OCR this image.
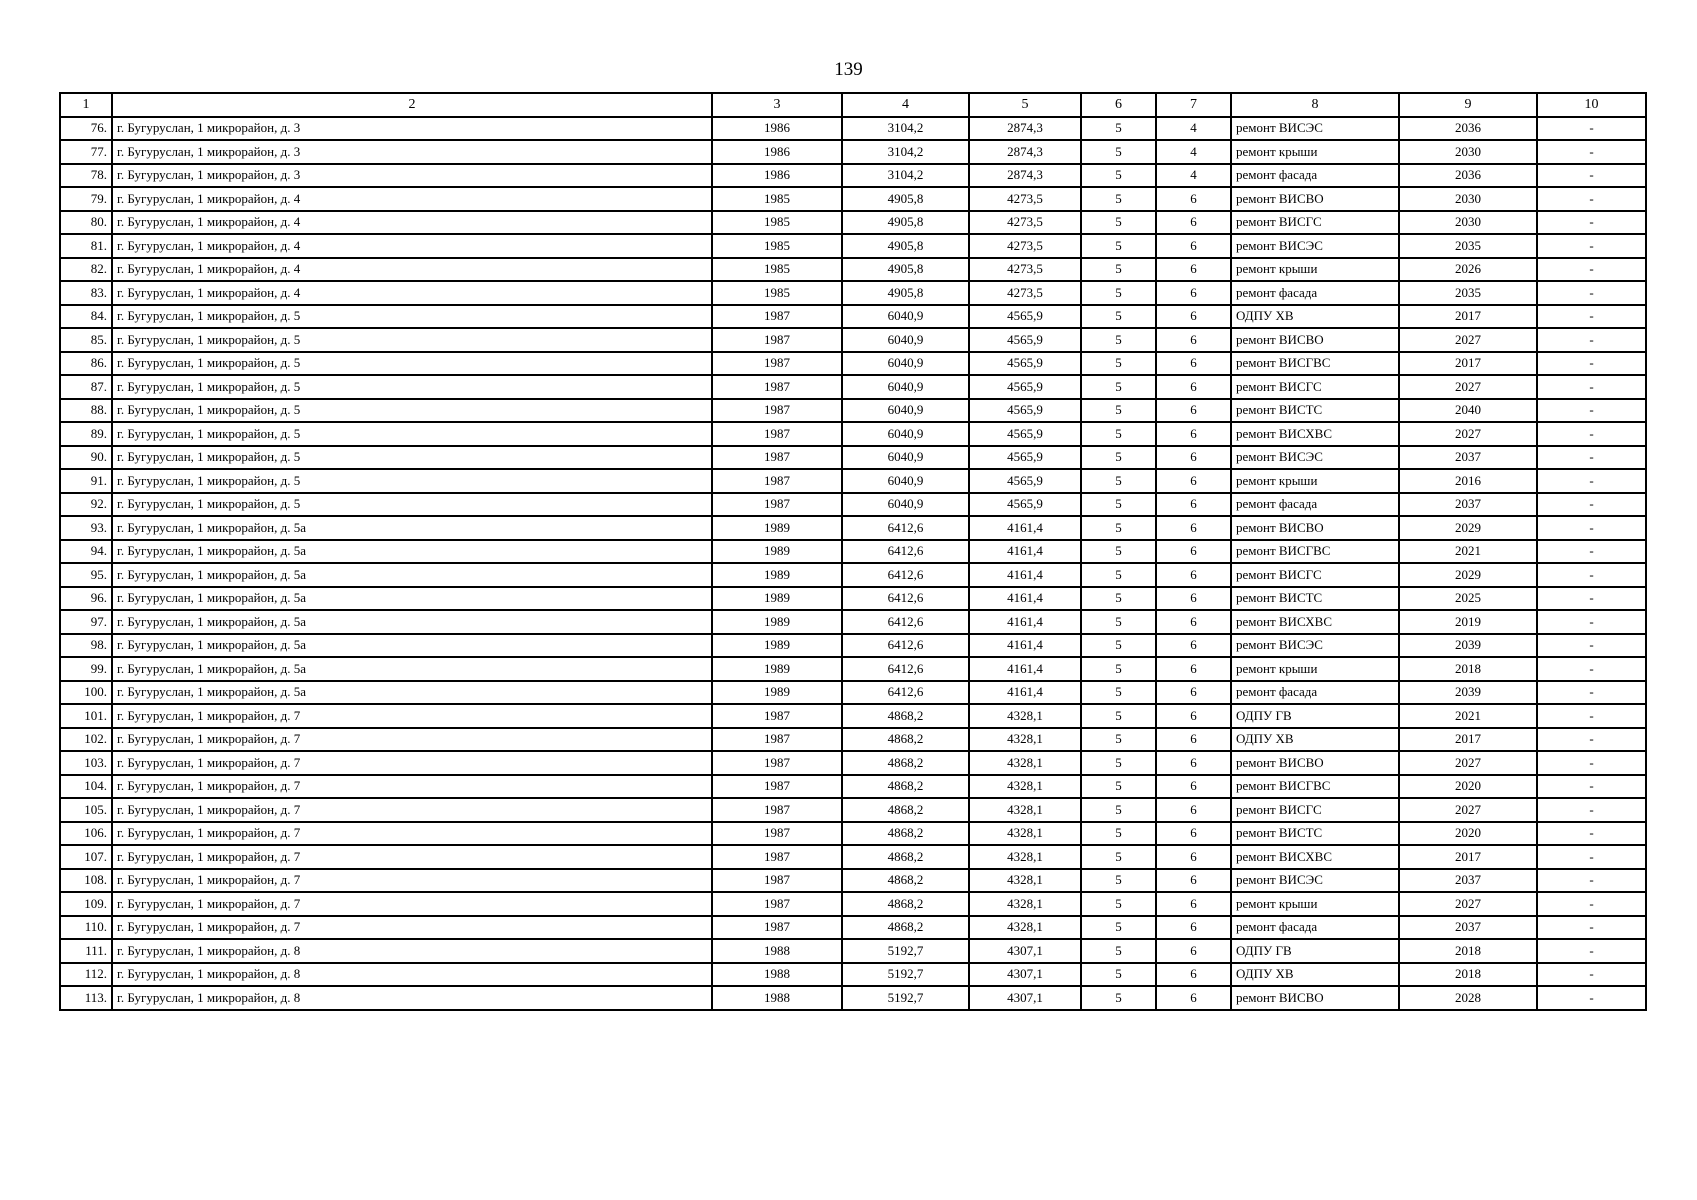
139
1	2	3	4	5	6	7	8	9	10
76.	г. Бугуруслан, 1 микрорайон, д. 3	1986	3104,2	2874,3	5	4	ремонт ВИСЭС	2036	-
77.	г. Бугуруслан, 1 микрорайон, д. 3	1986	3104,2	2874,3	5	4	ремонт крыши	2030	-
78.	г. Бугуруслан, 1 микрорайон, д. 3	1986	3104,2	2874,3	5	4	ремонт фасада	2036	-
79.	г. Бугуруслан, 1 микрорайон, д. 4	1985	4905,8	4273,5	5	6	ремонт ВИСВО	2030	-
80.	г. Бугуруслан, 1 микрорайон, д. 4	1985	4905,8	4273,5	5	6	ремонт ВИСГС	2030	-
81.	г. Бугуруслан, 1 микрорайон, д. 4	1985	4905,8	4273,5	5	6	ремонт ВИСЭС	2035	-
82.	г. Бугуруслан, 1 микрорайон, д. 4	1985	4905,8	4273,5	5	6	ремонт крыши	2026	-
83.	г. Бугуруслан, 1 микрорайон, д. 4	1985	4905,8	4273,5	5	6	ремонт фасада	2035	-
84.	г. Бугуруслан, 1 микрорайон, д. 5	1987	6040,9	4565,9	5	6	ОДПУ ХВ	2017	-
85.	г. Бугуруслан, 1 микрорайон, д. 5	1987	6040,9	4565,9	5	6	ремонт ВИСВО	2027	-
86.	г. Бугуруслан, 1 микрорайон, д. 5	1987	6040,9	4565,9	5	6	ремонт ВИСГВС	2017	-
87.	г. Бугуруслан, 1 микрорайон, д. 5	1987	6040,9	4565,9	5	6	ремонт ВИСГС	2027	-
88.	г. Бугуруслан, 1 микрорайон, д. 5	1987	6040,9	4565,9	5	6	ремонт ВИСТС	2040	-
89.	г. Бугуруслан, 1 микрорайон, д. 5	1987	6040,9	4565,9	5	6	ремонт ВИСХВС	2027	-
90.	г. Бугуруслан, 1 микрорайон, д. 5	1987	6040,9	4565,9	5	6	ремонт ВИСЭС	2037	-
91.	г. Бугуруслан, 1 микрорайон, д. 5	1987	6040,9	4565,9	5	6	ремонт крыши	2016	-
92.	г. Бугуруслан, 1 микрорайон, д. 5	1987	6040,9	4565,9	5	6	ремонт фасада	2037	-
93.	г. Бугуруслан, 1 микрорайон, д. 5а	1989	6412,6	4161,4	5	6	ремонт ВИСВО	2029	-
94.	г. Бугуруслан, 1 микрорайон, д. 5а	1989	6412,6	4161,4	5	6	ремонт ВИСГВС	2021	-
95.	г. Бугуруслан, 1 микрорайон, д. 5а	1989	6412,6	4161,4	5	6	ремонт ВИСГС	2029	-
96.	г. Бугуруслан, 1 микрорайон, д. 5а	1989	6412,6	4161,4	5	6	ремонт ВИСТС	2025	-
97.	г. Бугуруслан, 1 микрорайон, д. 5а	1989	6412,6	4161,4	5	6	ремонт ВИСХВС	2019	-
98.	г. Бугуруслан, 1 микрорайон, д. 5а	1989	6412,6	4161,4	5	6	ремонт ВИСЭС	2039	-
99.	г. Бугуруслан, 1 микрорайон, д. 5а	1989	6412,6	4161,4	5	6	ремонт крыши	2018	-
100.	г. Бугуруслан, 1 микрорайон, д. 5а	1989	6412,6	4161,4	5	6	ремонт фасада	2039	-
101.	г. Бугуруслан, 1 микрорайон, д. 7	1987	4868,2	4328,1	5	6	ОДПУ ГВ	2021	-
102.	г. Бугуруслан, 1 микрорайон, д. 7	1987	4868,2	4328,1	5	6	ОДПУ ХВ	2017	-
103.	г. Бугуруслан, 1 микрорайон, д. 7	1987	4868,2	4328,1	5	6	ремонт ВИСВО	2027	-
104.	г. Бугуруслан, 1 микрорайон, д. 7	1987	4868,2	4328,1	5	6	ремонт ВИСГВС	2020	-
105.	г. Бугуруслан, 1 микрорайон, д. 7	1987	4868,2	4328,1	5	6	ремонт ВИСГС	2027	-
106.	г. Бугуруслан, 1 микрорайон, д. 7	1987	4868,2	4328,1	5	6	ремонт ВИСТС	2020	-
107.	г. Бугуруслан, 1 микрорайон, д. 7	1987	4868,2	4328,1	5	6	ремонт ВИСХВС	2017	-
108.	г. Бугуруслан, 1 микрорайон, д. 7	1987	4868,2	4328,1	5	6	ремонт ВИСЭС	2037	-
109.	г. Бугуруслан, 1 микрорайон, д. 7	1987	4868,2	4328,1	5	6	ремонт крыши	2027	-
110.	г. Бугуруслан, 1 микрорайон, д. 7	1987	4868,2	4328,1	5	6	ремонт фасада	2037	-
111.	г. Бугуруслан, 1 микрорайон, д. 8	1988	5192,7	4307,1	5	6	ОДПУ ГВ	2018	-
112.	г. Бугуруслан, 1 микрорайон, д. 8	1988	5192,7	4307,1	5	6	ОДПУ ХВ	2018	-
113.	г. Бугуруслан, 1 микрорайон, д. 8	1988	5192,7	4307,1	5	6	ремонт ВИСВО	2028	-
